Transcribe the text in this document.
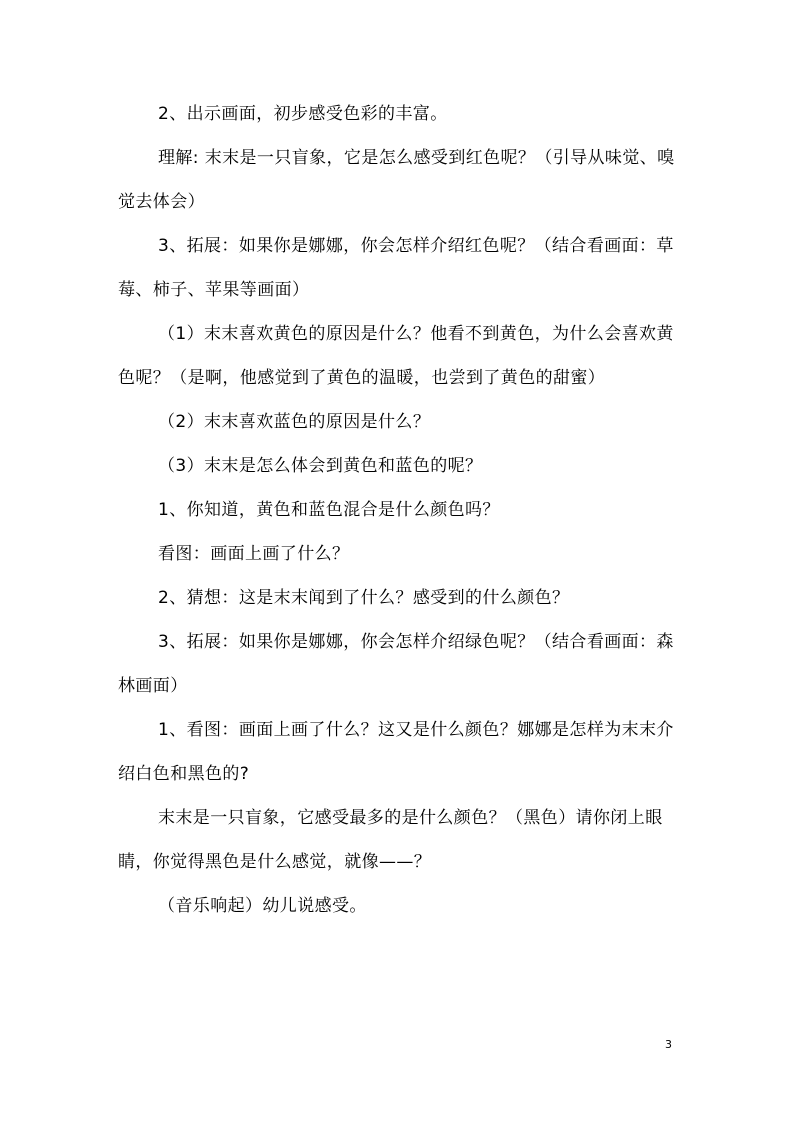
2、出示画面，初步感受色彩的丰富。

理解: 末末是一只盲象，它是怎么感受到红色呢？（引导从味觉、嗅觉去体会）

3、拓展：如果你是娜娜，你会怎样介绍红色呢？（结合看画面：草莓、柿子、苹果等画面）

（1）末末喜欢黄色的原因是什么？他看不到黄色，为什么会喜欢黄色呢？（是啊，他感觉到了黄色的温暖，也尝到了黄色的甜蜜）

（2）末末喜欢蓝色的原因是什么？

（3）末末是怎么体会到黄色和蓝色的呢？

1、你知道，黄色和蓝色混合是什么颜色吗？

看图：画面上画了什么？

2、猜想：这是末末闻到了什么？感受到的什么颜色？

3、拓展：如果你是娜娜，你会怎样介绍绿色呢？（结合看画面：森林画面）

1、看图：画面上画了什么？这又是什么颜色？娜娜是怎样为末末介绍白色和黑色的?

末末是一只盲象，它感受最多的是什么颜色？（黑色）请你闭上眼睛，你觉得黑色是什么感觉，就像——？

（音乐响起）幼儿说感受。

3
